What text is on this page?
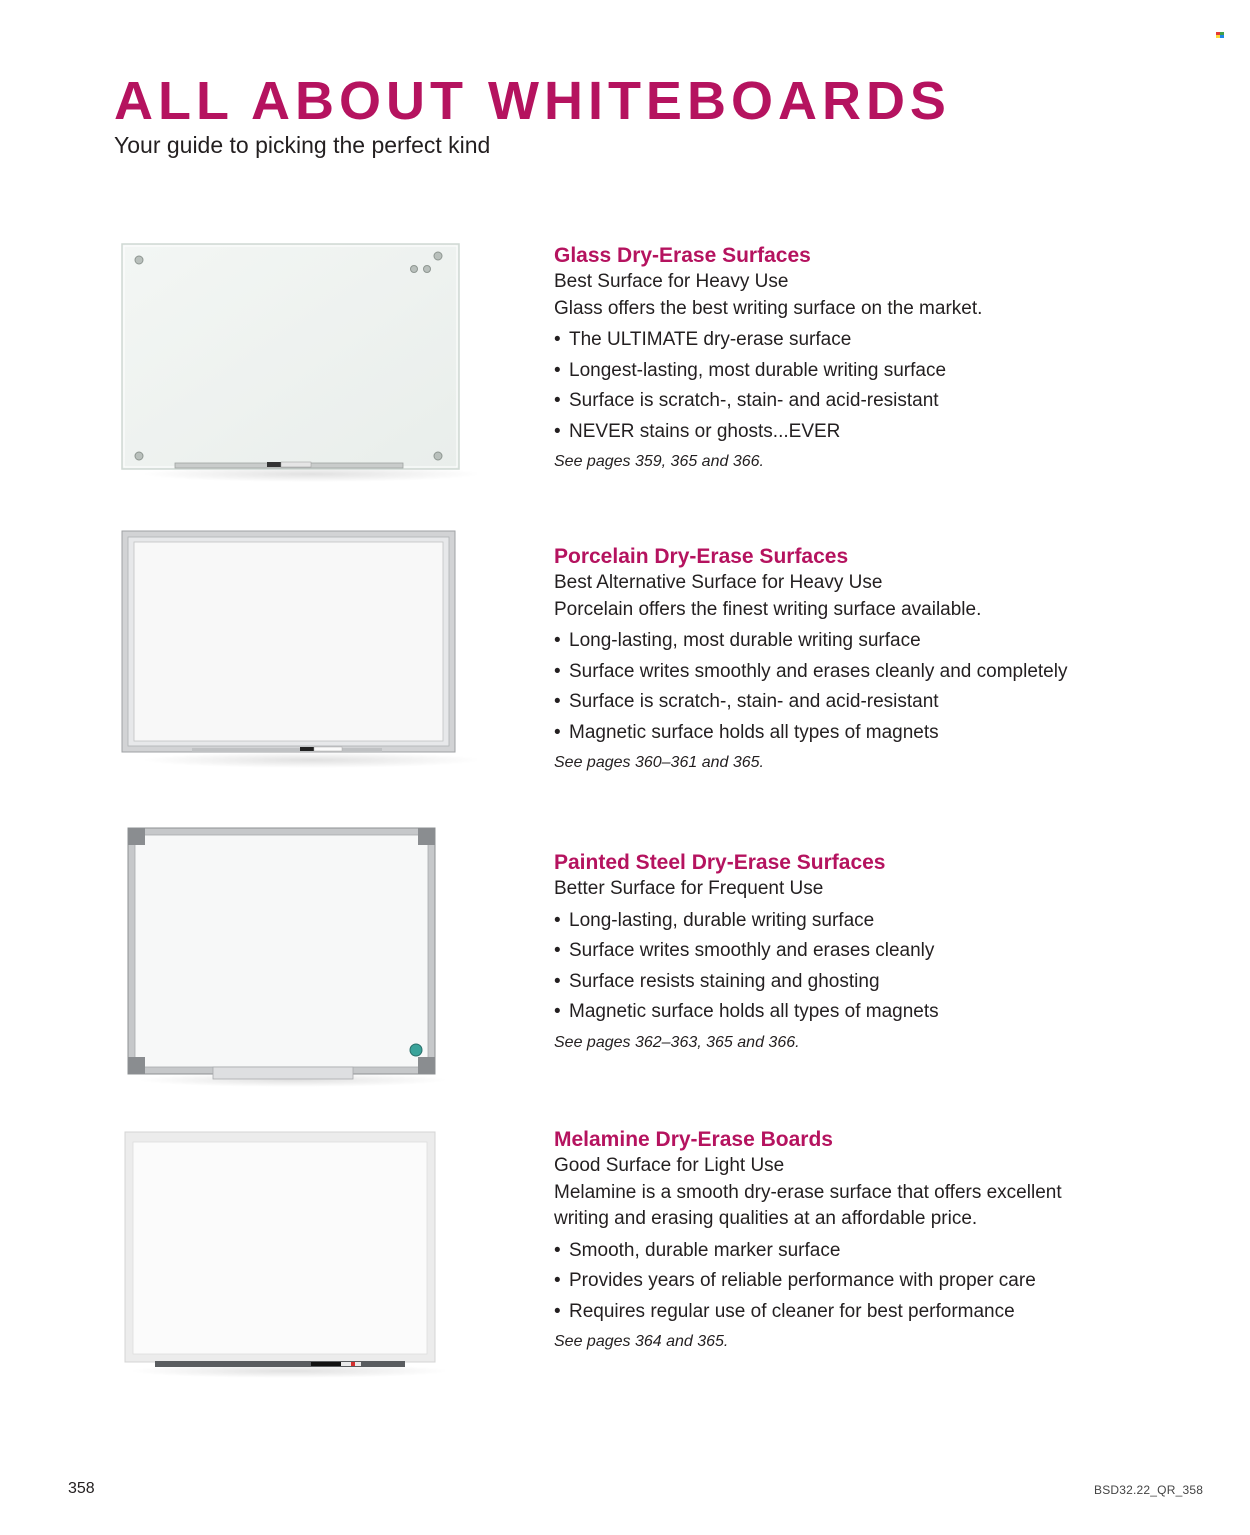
ALL ABOUT WHITEBOARDS

Your guide to picking the perfect kind

Glass Dry-Erase Surfaces
Best Surface for Heavy Use
Glass offers the best writing surface on the market.
• The ULTIMATE dry-erase surface
• Longest-lasting, most durable writing surface
• Surface is scratch-, stain- and acid-resistant
• NEVER stains or ghosts...EVER
See pages 359, 365 and 366.
Porcelain Dry-Erase Surfaces
Best Alternative Surface for Heavy Use
Porcelain offers the finest writing surface available.
• Long-lasting, most durable writing surface
• Surface writes smoothly and erases cleanly and completely
• Surface is scratch-, stain- and acid-resistant
• Magnetic surface holds all types of magnets
See pages 360–361 and 365.
Painted Steel Dry-Erase Surfaces
Better Surface for Frequent Use
• Long-lasting, durable writing surface
• Surface writes smoothly and erases cleanly
• Surface resists staining and ghosting
• Magnetic surface holds all types of magnets
See pages 362–363, 365 and 366.
Melamine Dry-Erase Boards
Good Surface for Light Use
Melamine is a smooth dry-erase surface that offers excellent
writing and erasing qualities at an affordable price.
• Smooth, durable marker surface
• Provides years of reliable performance with proper care
• Requires regular use of cleaner for best performance
See pages 364 and 365.
358	BSD32.22_QR_358
